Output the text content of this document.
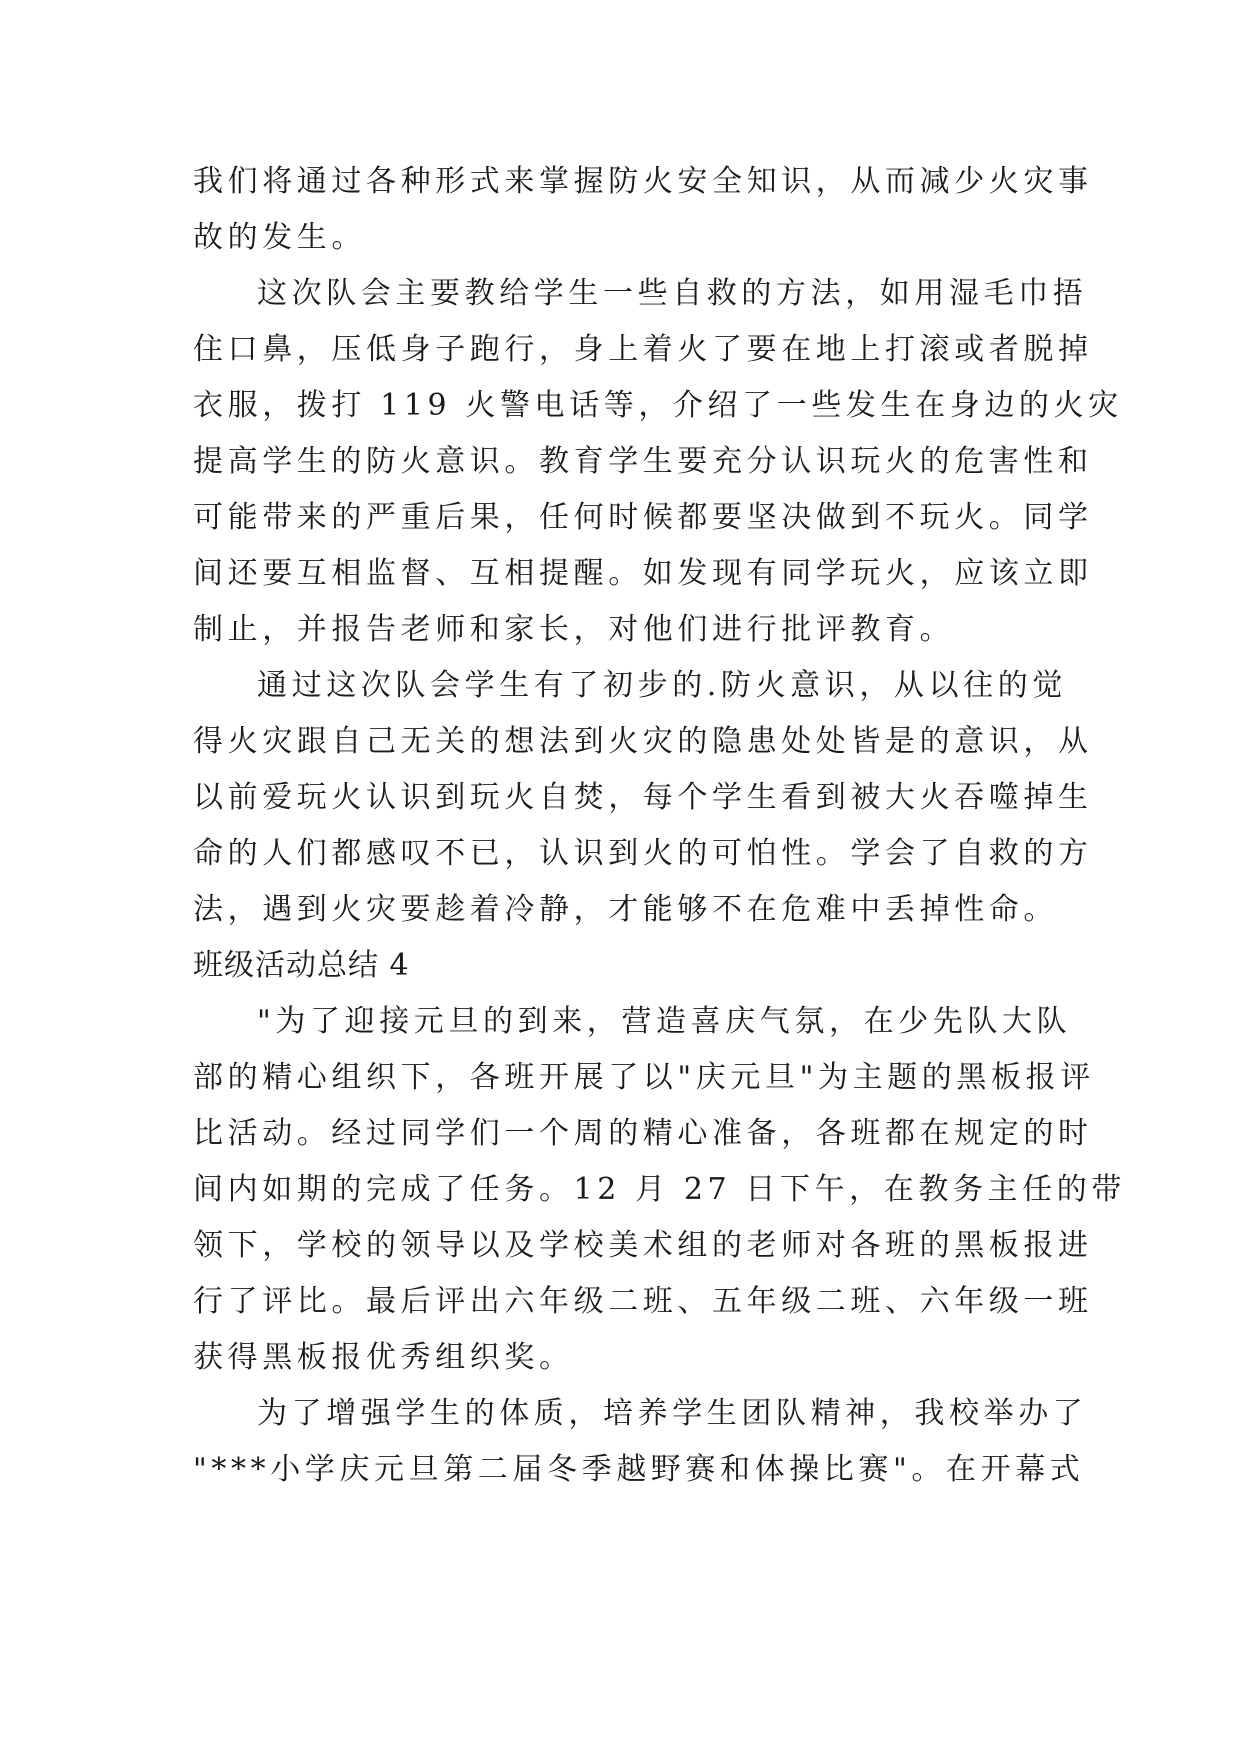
我们将通过各种形式来掌握防火安全知识，从而减少火灾事
故的发生。
这次队会主要教给学生一些自救的方法，如用湿毛巾捂
住口鼻，压低身子跑行，身上着火了要在地上打滚或者脱掉
衣服，拨打 119 火警电话等，介绍了一些发生在身边的火灾
提高学生的防火意识。教育学生要充分认识玩火的危害性和
可能带来的严重后果，任何时候都要坚决做到不玩火。同学
间还要互相监督、互相提醒。如发现有同学玩火，应该立即
制止，并报告老师和家长，对他们进行批评教育。
通过这次队会学生有了初步的.防火意识，从以往的觉
得火灾跟自己无关的想法到火灾的隐患处处皆是的意识，从
以前爱玩火认识到玩火自焚，每个学生看到被大火吞噬掉生
命的人们都感叹不已，认识到火的可怕性。学会了自救的方
法，遇到火灾要趁着冷静，才能够不在危难中丢掉性命。
班级活动总结 4
"为了迎接元旦的到来，营造喜庆气氛，在少先队大队
部的精心组织下，各班开展了以"庆元旦"为主题的黑板报评
比活动。经过同学们一个周的精心准备，各班都在规定的时
间内如期的完成了任务。12 月 27 日下午，在教务主任的带
领下，学校的领导以及学校美术组的老师对各班的黑板报进
行了评比。最后评出六年级二班、五年级二班、六年级一班
获得黑板报优秀组织奖。
为了增强学生的体质，培养学生团队精神，我校举办了
"***小学庆元旦第二届冬季越野赛和体操比赛"。在开幕式
